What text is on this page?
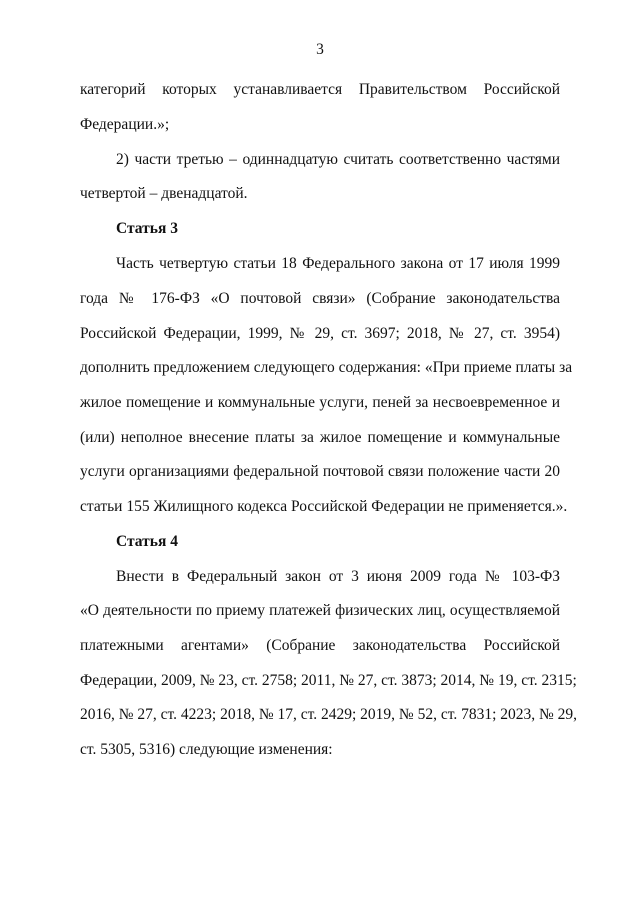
3
категорий которых устанавливается Правительством Российской
Федерации.»;
2) части третью – одиннадцатую считать соответственно частями
четвертой – двенадцатой.
Статья 3
Часть четвертую статьи 18 Федерального закона от 17 июля 1999
года № 176-ФЗ «О почтовой связи» (Собрание законодательства
Российской Федерации, 1999, № 29, ст. 3697; 2018, № 27, ст. 3954)
дополнить предложением следующего содержания: «При приеме платы за
жилое помещение и коммунальные услуги, пеней за несвоевременное и
(или) неполное внесение платы за жилое помещение и коммунальные
услуги организациями федеральной почтовой связи положение части 20
статьи 155 Жилищного кодекса Российской Федерации не применяется.».
Статья 4
Внести в Федеральный закон от 3 июня 2009 года № 103-ФЗ
«О деятельности по приему платежей физических лиц, осуществляемой
платежными агентами» (Собрание законодательства Российской
Федерации, 2009, № 23, ст. 2758; 2011, № 27, ст. 3873; 2014, № 19, ст. 2315;
2016, № 27, ст. 4223; 2018, № 17, ст. 2429; 2019, № 52, ст. 7831; 2023, № 29,
ст. 5305, 5316) следующие изменения:
